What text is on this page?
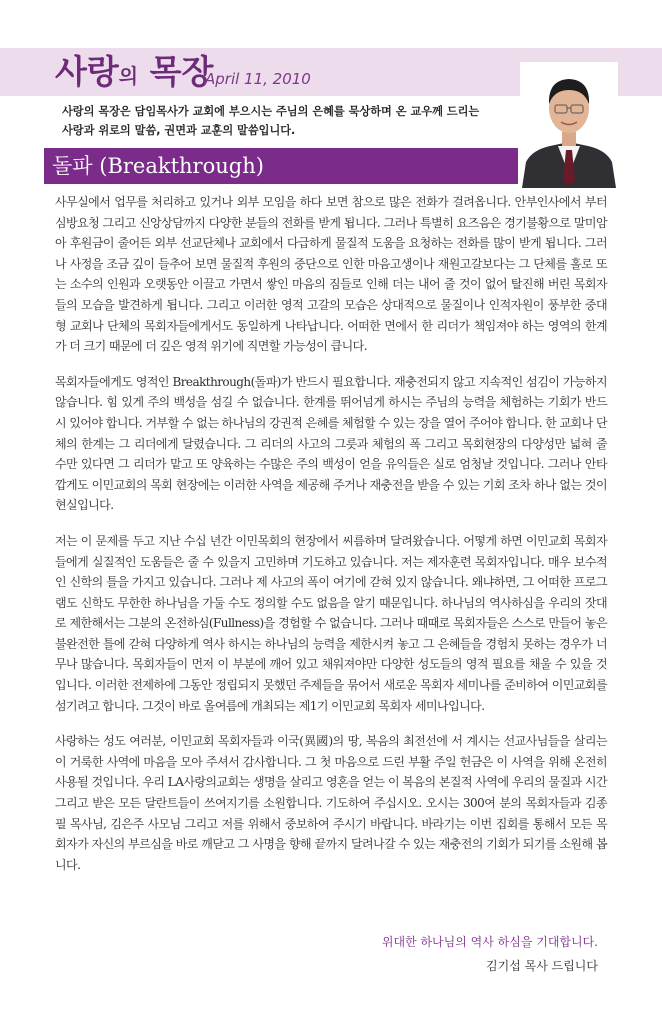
사랑의 목장
April 11, 2010
사랑의 목장은 담임목사가 교회에 부으시는 주님의 은혜를 묵상하며 온 교우께 드리는
사랑과 위로의 말씀, 권면과 교훈의 말씀입니다.
돌파 (Breakthrough)

사무실에서 업무를 처리하고 있거나 외부 모임을 하다 보면 참으로 많은 전화가 걸려옵니다. 안부인사에서 부터 심방요청 그리고 신앙상담까지 다양한 분들의 전화를 받게 됩니다. 그러나 특별히 요즈음은 경기불황으로 말미암아 후원금이 줄어든 외부 선교단체나 교회에서 다급하게 물질적 도움을 요청하는 전화를 많이 받게 됩니다. 그러나 사정을 조금 깊이 들추어 보면 물질적 후원의 중단으로 인한 마음고생이나 재원고갈보다는 그 단체를 홀로 또는 소수의 인원과 오랫동안 이끌고 가면서 쌓인 마음의 짐들로 인해 더는 내어 줄 것이 없어 탈진해 버린 목회자들의 모습을 발견하게 됩니다. 그리고 이러한 영적 고갈의 모습은 상대적으로 물질이나 인적자원이 풍부한 중대형 교회나 단체의 목회자들에게서도 동일하게 나타납니다. 어떠한 면에서 한 리더가 책임져야 하는 영역의 한계가 더 크기 때문에 더 깊은 영적 위기에 직면할 가능성이 큽니다.

목회자들에게도 영적인 Breakthrough(돌파)가 반드시 필요합니다. 재충전되지 않고 지속적인 섬김이 가능하지 않습니다. 힘 있게 주의 백성을 섬길 수 없습니다. 한계를 뛰어넘게 하시는 주님의 능력을 체험하는 기회가 반드시 있어야 합니다. 거부할 수 없는 하나님의 강권적 은혜를 체험할 수 있는 장을 열어 주어야 합니다. 한 교회나 단체의 한계는 그 리더에게 달렸습니다. 그 리더의 사고의 그릇과 체험의 폭 그리고 목회현장의 다양성만 넓혀 줄 수만 있다면 그 리더가 맡고 또 양육하는 수많은 주의 백성이 얻을 유익들은 실로 엄청날 것입니다. 그러나 안타깝게도 이민교회의 목회 현장에는 이러한 사역을 제공해 주거나 재충전을 받을 수 있는 기회 조차 하나 없는 것이 현실입니다.

저는 이 문제를 두고 지난 수십 년간 이민목회의 현장에서 씨름하며 달려왔습니다. 어떻게 하면 이민교회 목회자들에게 실질적인 도움들은 줄 수 있을지 고민하며 기도하고 있습니다. 저는 제자훈련 목회자입니다. 매우 보수적인 신학의 틀을 가지고 있습니다. 그러나 제 사고의 폭이 여기에 갇혀 있지 않습니다. 왜냐하면, 그 어떠한 프로그램도 신학도 무한한 하나님을 가둘 수도 정의할 수도 없음을 알기 때문입니다. 하나님의 역사하심을 우리의 잣대로 제한해서는 그분의 온전하심(Fullness)을 경험할 수 없습니다. 그러나 때때로 목회자들은 스스로 만들어 놓은 불완전한 틀에 갇혀 다양하게 역사 하시는 하나님의 능력을 제한시켜 놓고 그 은혜들을 경험치 못하는 경우가 너무나 많습니다. 목회자들이 먼저 이 부분에 깨어 있고 채워져야만 다양한 성도들의 영적 필요를 채울 수 있을 것입니다. 이러한 전제하에 그동안 정립되지 못했던 주제들을 묶어서 새로운 목회자 세미나를 준비하여 이민교회를 섬기려고 합니다. 그것이 바로 올여름에 개최되는 제1기 이민교회 목회자 세미나입니다.

사랑하는 성도 여러분, 이민교회 목회자들과 이국(異國)의 땅, 복음의 최전선에 서 계시는 선교사님들을 살리는 이 거룩한 사역에 마음을 모아 주셔서 감사합니다. 그 첫 마음으로 드린 부활 주일 헌금은 이 사역을 위해 온전히 사용될 것입니다. 우리 LA사랑의교회는 생명을 살리고 영혼을 얻는 이 복음의 본질적 사역에 우리의 물질과 시간 그리고 받은 모든 달란트들이 쓰여지기를 소원합니다. 기도하여 주십시오. 오시는 300여 분의 목회자들과 김종필 목사님, 김은주 사모님 그리고 저를 위해서 중보하여 주시기 바랍니다. 바라기는 이번 집회를 통해서 모든 목회자가 자신의 부르심을 바로 깨닫고 그 사명을 향해 끝까지 달려나갈 수 있는 재충전의 기회가 되기를 소원해 봅니다.

위대한 하나님의 역사 하심을 기대합니다.
김기섭 목사 드립니다
